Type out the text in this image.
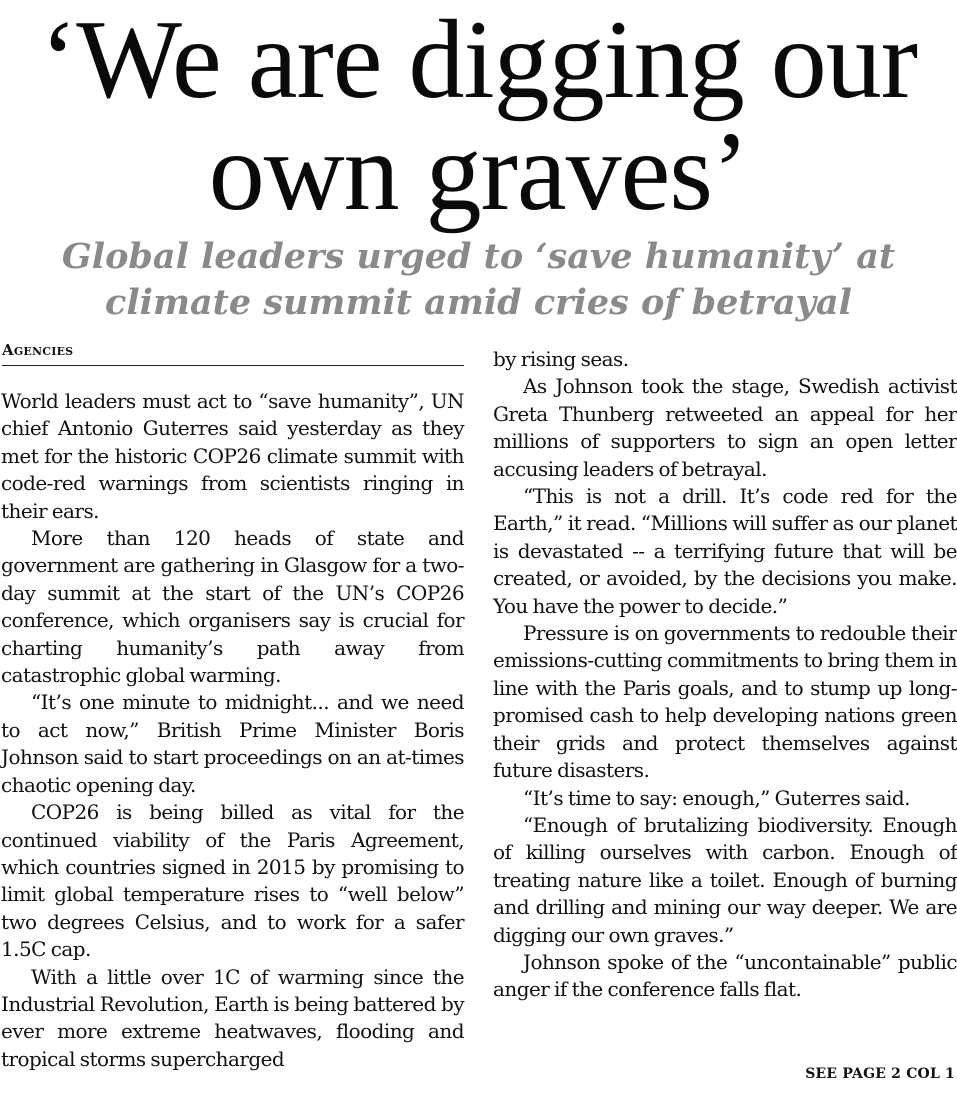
‘We are digging our own graves’
Global leaders urged to ‘save humanity’ at climate summit amid cries of betrayal
Agencies

World leaders must act to “save humanity”, UN chief Antonio Guterres said yesterday as they met for the historic COP26 climate summit with code-red warnings from scientists ringing in their ears.

More than 120 heads of state and government are gathering in Glasgow for a two-day summit at the start of the UN’s COP26 conference, which organisers say is crucial for charting humanity’s path away from catastrophic global warming.

“It’s one minute to midnight... and we need to act now,” British Prime Minister Boris Johnson said to start proceedings on an at-times chaotic opening day.

COP26 is being billed as vital for the continued viability of the Paris Agreement, which countries signed in 2015 by promising to limit global temperature rises to “well below” two degrees Celsius, and to work for a safer 1.5C cap.

With a little over 1C of warming since the Industrial Revolution, Earth is being battered by ever more extreme heatwaves, flooding and tropical storms supercharged

by rising seas.

As Johnson took the stage, Swedish activist Greta Thunberg retweeted an appeal for her millions of supporters to sign an open letter accusing leaders of betrayal.

“This is not a drill. It’s code red for the Earth,” it read. “Millions will suffer as our planet is devastated -- a terrifying future that will be created, or avoided, by the decisions you make. You have the power to decide.”

Pressure is on governments to redouble their emissions-cutting commitments to bring them in line with the Paris goals, and to stump up long-promised cash to help developing nations green their grids and protect themselves against future disasters.

“It’s time to say: enough,” Guterres said.

“Enough of brutalizing biodiversity. Enough of killing ourselves with carbon. Enough of treating nature like a toilet. Enough of burning and drilling and mining our way deeper. We are digging our own graves.”

Johnson spoke of the “uncontainable” public anger if the conference falls flat.

SEE PAGE 2 COL 1
